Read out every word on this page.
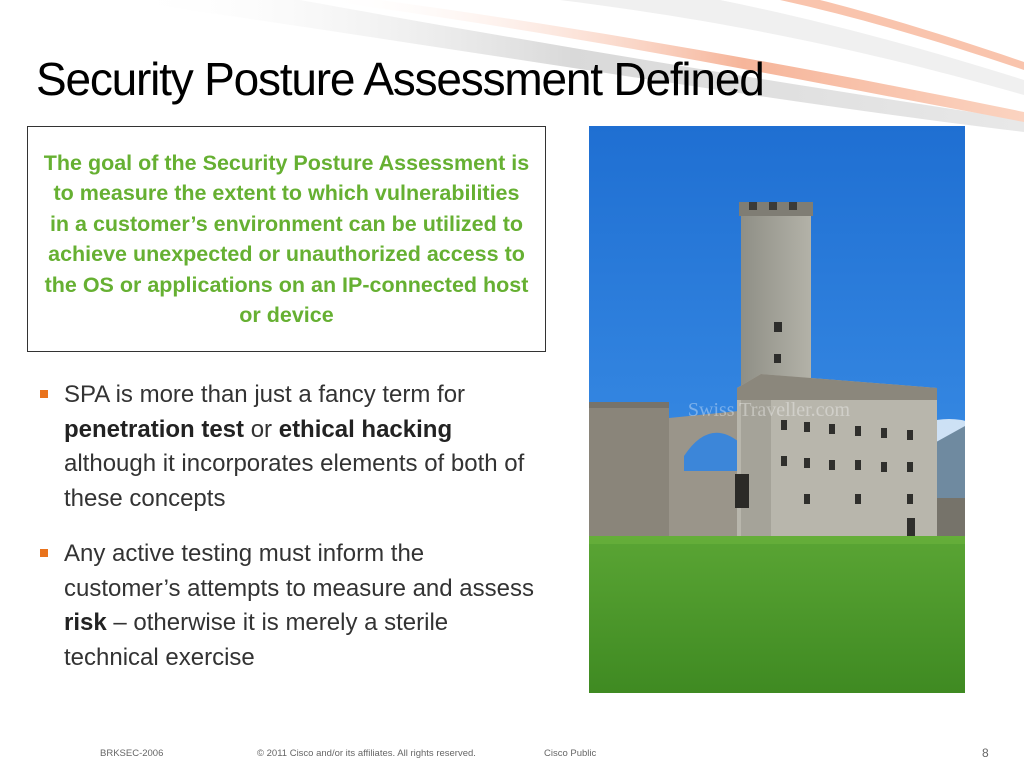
Security Posture Assessment Defined

The goal of the Security Posture Assessment is to measure the extent to which vulnerabilities in a customer’s environment can be utilized to achieve unexpected or unauthorized access to the OS or applications on an IP-connected host or device

SPA is more than just a fancy term for penetration test or ethical hacking although it incorporates elements of both of these concepts
Any active testing must inform the customer’s attempts to measure and assess risk – otherwise it is merely a sterile technical exercise
Swiss Traveller.com
BRKSEC-2006	© 2011 Cisco and/or its affiliates. All rights reserved.	Cisco Public	8
